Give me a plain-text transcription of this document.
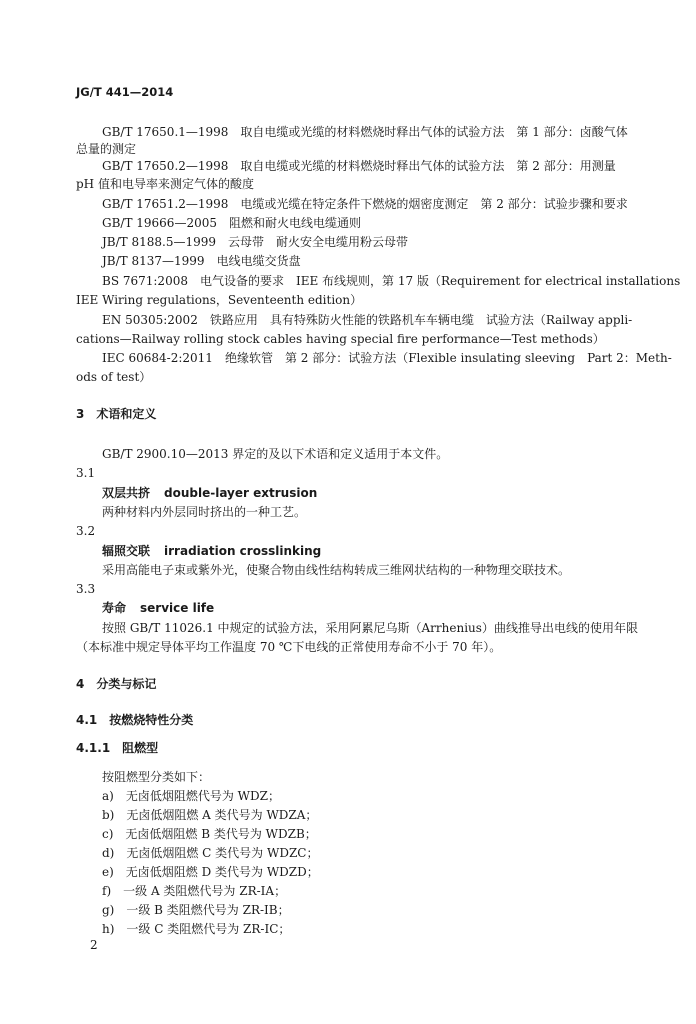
JG/T 441—2014
GB/T 17650.1—1998　取自电缆或光缆的材料燃烧时释出气体的试验方法　第 1 部分：卤酸气体
总量的测定
GB/T 17650.2—1998　取自电缆或光缆的材料燃烧时释出气体的试验方法　第 2 部分：用测量
pH 值和电导率来测定气体的酸度
GB/T 17651.2—1998　电缆或光缆在特定条件下燃烧的烟密度测定　第 2 部分：试验步骤和要求
GB/T 19666—2005　阻燃和耐火电线电缆通则
JB/T 8188.5—1999　云母带　耐火安全电缆用粉云母带
JB/T 8137—1999　电线电缆交货盘
BS 7671:2008　电气设备的要求　IEE 布线规则，第 17 版（Requirement for electrical installations
IEE Wiring regulations，Seventeenth edition）
EN 50305:2002　铁路应用　具有特殊防火性能的铁路机车车辆电缆　试验方法（Railway appli-
cations—Railway rolling stock cables having special fire performance—Test methods）
IEC 60684-2:2011　绝缘软管　第 2 部分：试验方法（Flexible insulating sleeving　Part 2：Meth-
ods of test）
3　术语和定义
GB/T 2900.10—2013 界定的及以下术语和定义适用于本文件。
3.1
双层共挤 double-layer extrusion
两种材料内外层同时挤出的一种工艺。
3.2
辐照交联 irradiation crosslinking
采用高能电子束或紫外光，使聚合物由线性结构转成三维网状结构的一种物理交联技术。
3.3
寿命 service life
按照 GB/T 11026.1 中规定的试验方法，采用阿累尼乌斯（Arrhenius）曲线推导出电线的使用年限
（本标准中规定导体平均工作温度 70 ℃下电线的正常使用寿命不小于 70 年）。
4　分类与标记
4.1　按燃烧特性分类
4.1.1　阻燃型
按阻燃型分类如下：
a)　无卤低烟阻燃代号为 WDZ；
b)　无卤低烟阻燃 A 类代号为 WDZA；
c)　无卤低烟阻燃 B 类代号为 WDZB；
d)　无卤低烟阻燃 C 类代号为 WDZC；
e)　无卤低烟阻燃 D 类代号为 WDZD；
f)　一级 A 类阻燃代号为 ZR-IA；
g)　一级 B 类阻燃代号为 ZR-IB；
h)　一级 C 类阻燃代号为 ZR-IC；
2
